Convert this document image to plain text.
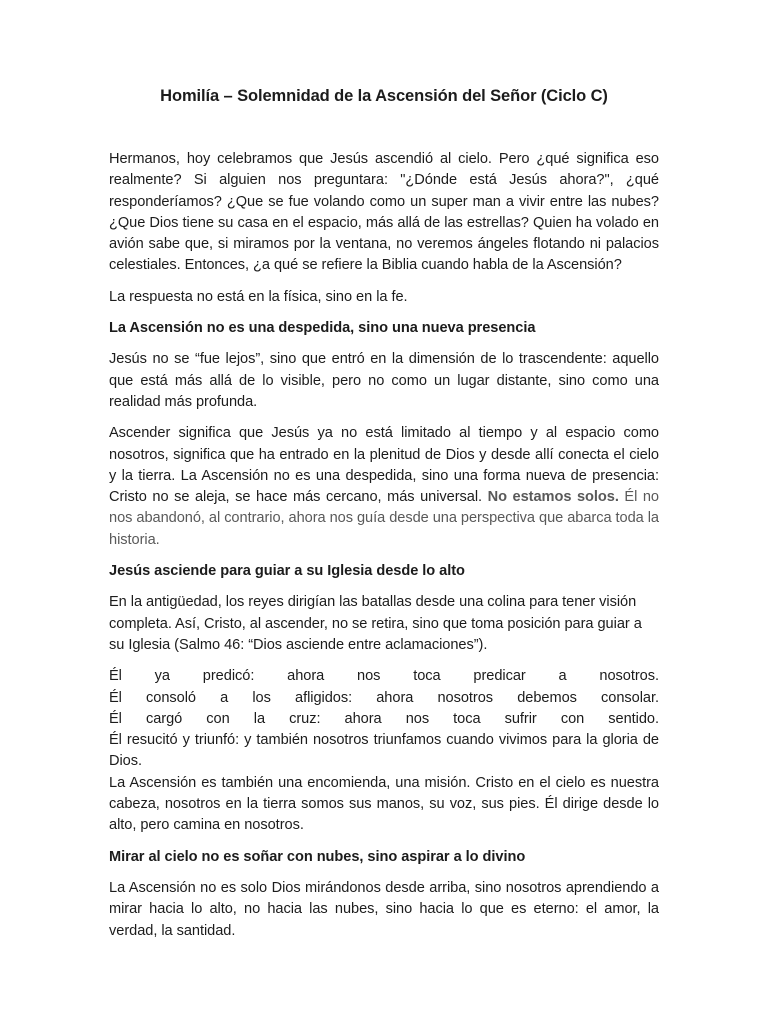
Homilía – Solemnidad de la Ascensión del Señor (Ciclo C)

Hermanos, hoy celebramos que Jesús ascendió al cielo. Pero ¿qué significa eso realmente? Si alguien nos preguntara: "¿Dónde está Jesús ahora?", ¿qué responderíamos? ¿Que se fue volando como un super man a vivir entre las nubes? ¿Que Dios tiene su casa en el espacio, más allá de las estrellas? Quien ha volado en avión sabe que, si miramos por la ventana, no veremos ángeles flotando ni palacios celestiales. Entonces, ¿a qué se refiere la Biblia cuando habla de la Ascensión?

La respuesta no está en la física, sino en la fe.

La Ascensión no es una despedida, sino una nueva presencia

Jesús no se “fue lejos”, sino que entró en la dimensión de lo trascendente: aquello que está más allá de lo visible, pero no como un lugar distante, sino como una realidad más profunda.

Ascender significa que Jesús ya no está limitado al tiempo y al espacio como nosotros, significa que ha entrado en la plenitud de Dios y desde allí conecta el cielo y la tierra. La Ascensión no es una despedida, sino una forma nueva de presencia: Cristo no se aleja, se hace más cercano, más universal. No estamos solos. Él no nos abandonó, al contrario, ahora nos guía desde una perspectiva que abarca toda la historia.

Jesús asciende para guiar a su Iglesia desde lo alto

En la antigüedad, los reyes dirigían las batallas desde una colina para tener visión completa. Así, Cristo, al ascender, no se retira, sino que toma posición para guiar a su Iglesia (Salmo 46: “Dios asciende entre aclamaciones”).

Él ya predicó: ahora nos toca predicar a nosotros.
Él consoló a los afligidos: ahora nosotros debemos consolar.
Él cargó con la cruz: ahora nos toca sufrir con sentido.
Él resucitó y triunfó: y también nosotros triunfamos cuando vivimos para la gloria de Dios.
La Ascensión es también una encomienda, una misión. Cristo en el cielo es nuestra cabeza, nosotros en la tierra somos sus manos, su voz, sus pies. Él dirige desde lo alto, pero camina en nosotros.

Mirar al cielo no es soñar con nubes, sino aspirar a lo divino

La Ascensión no es solo Dios mirándonos desde arriba, sino nosotros aprendiendo a mirar hacia lo alto, no hacia las nubes, sino hacia lo que es eterno: el amor, la verdad, la santidad.
